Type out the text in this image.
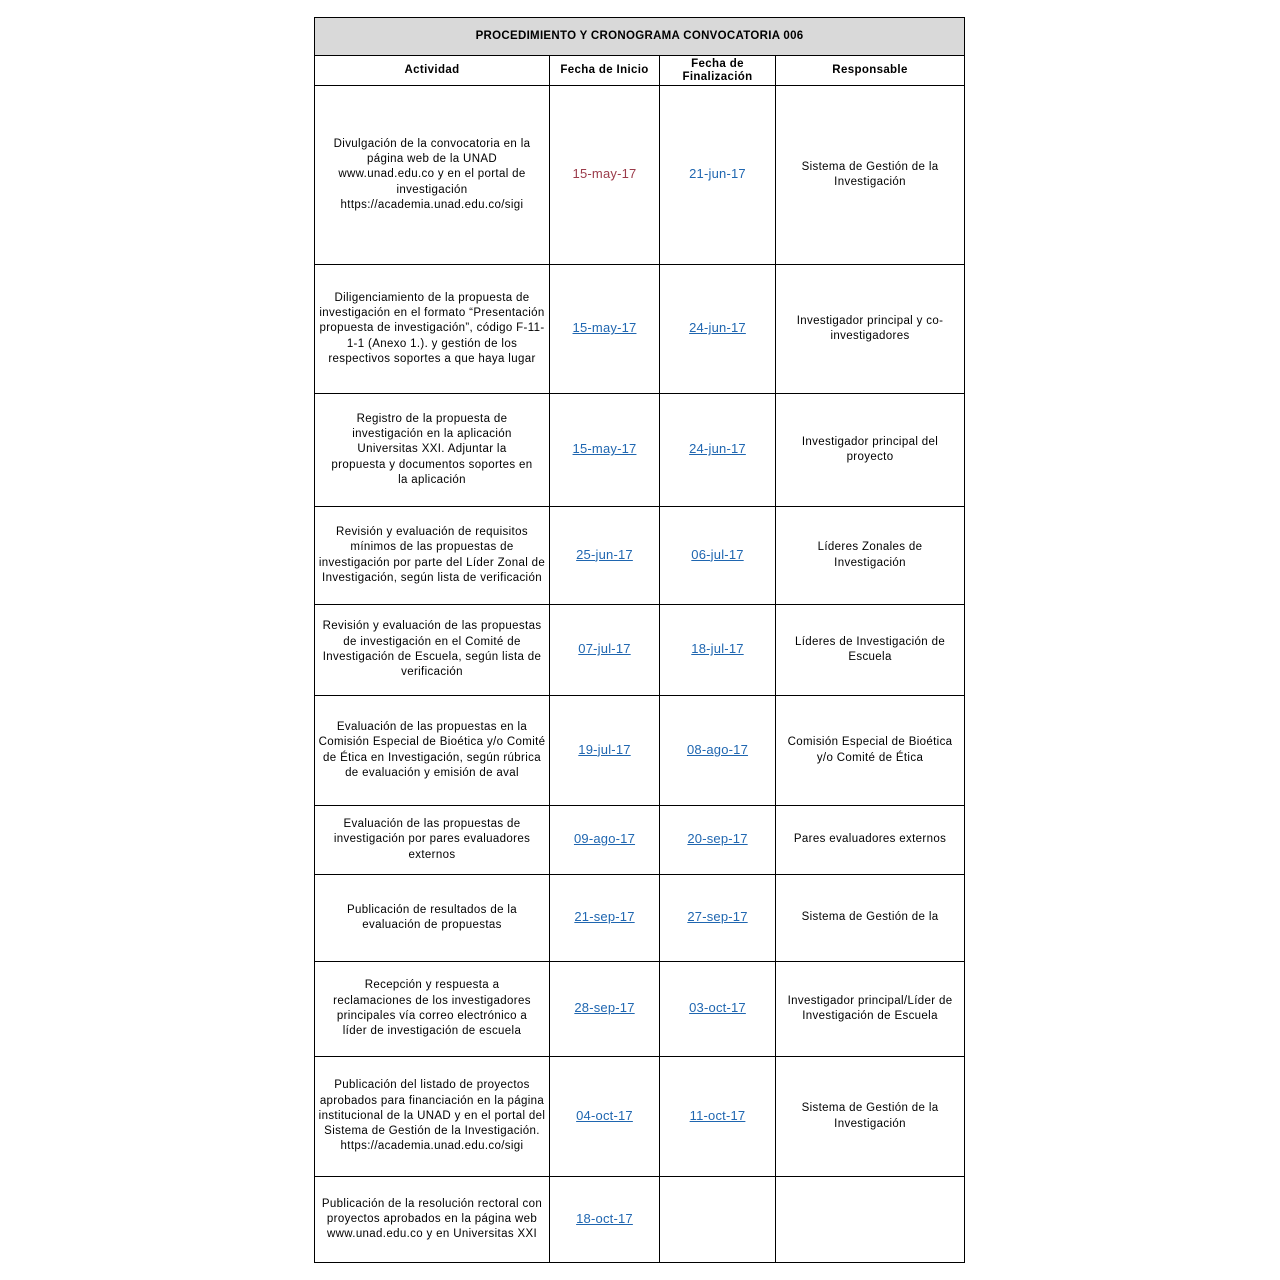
PROCEDIMIENTO Y CRONOGRAMA CONVOCATORIA 006			
Actividad	Fecha de Inicio	Fecha de Finalización	Responsable
Divulgación de la convocatoria en la página web de la UNAD www.unad.edu.co y en el portal de investigación https://academia.unad.edu.co/sigi	15-may-17	21-jun-17	Sistema de Gestión de la Investigación
Diligenciamiento de la propuesta de investigación en el formato “Presentación propuesta de investigación”, código F-11-1-1 (Anexo 1.). y gestión de los respectivos soportes a que haya lugar	15-may-17	24-jun-17	Investigador principal y co-investigadores
Registro de la propuesta de investigación en la aplicación Universitas XXI. Adjuntar la propuesta y documentos soportes en la aplicación	15-may-17	24-jun-17	Investigador principal del proyecto
Revisión y evaluación de requisitos mínimos de las propuestas de investigación por parte del Líder Zonal de Investigación, según lista de verificación	25-jun-17	06-jul-17	Líderes Zonales de Investigación
Revisión y evaluación de las propuestas de investigación en el Comité de Investigación de Escuela, según lista de verificación	07-jul-17	18-jul-17	Líderes de Investigación de Escuela
Evaluación de las propuestas en la Comisión Especial de Bioética y/o Comité de Ética en Investigación, según rúbrica de evaluación y emisión de aval	19-jul-17	08-ago-17	Comisión Especial de Bioética y/o Comité de Ética
Evaluación de las propuestas de investigación por pares evaluadores externos	09-ago-17	20-sep-17	Pares evaluadores externos
Publicación de resultados de la evaluación de propuestas	21-sep-17	27-sep-17	Sistema de Gestión de la
Recepción y respuesta a reclamaciones de los investigadores principales vía correo electrónico a líder de investigación de escuela	28-sep-17	03-oct-17	Investigador principal/Líder de Investigación de Escuela
Publicación del listado de proyectos aprobados para financiación en la página institucional de la UNAD y en el portal del Sistema de Gestión de la Investigación. https://academia.unad.edu.co/sigi	04-oct-17	11-oct-17	Sistema de Gestión de la Investigación
Publicación de la resolución rectoral con proyectos aprobados en la página web www.unad.edu.co y en Universitas XXI	18-oct-17		
